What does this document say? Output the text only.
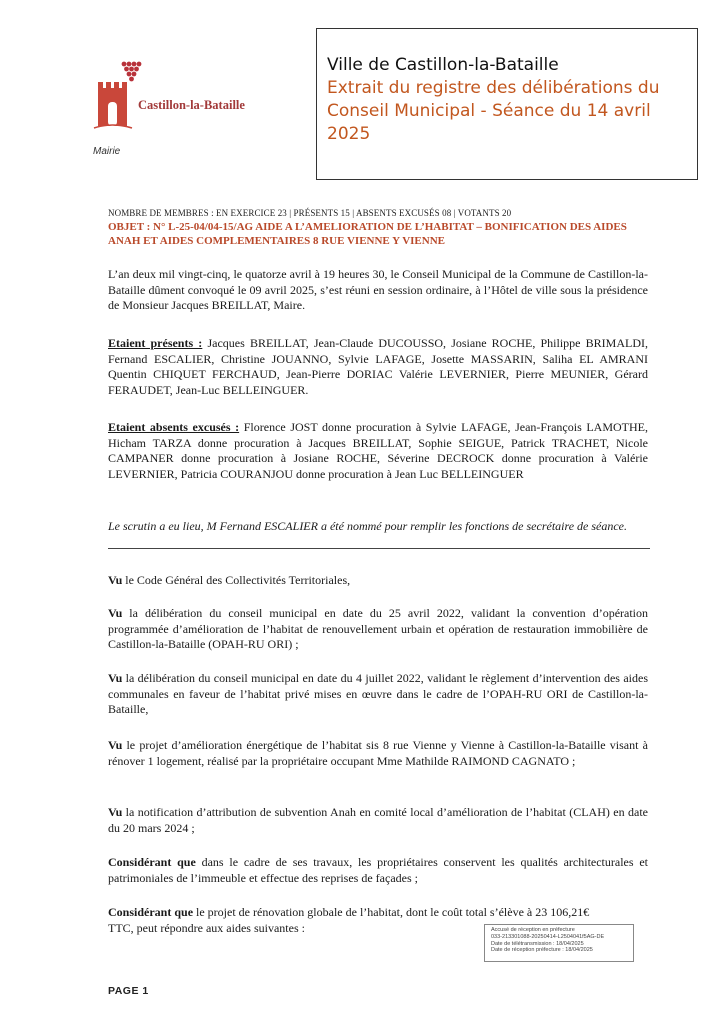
Castillon-la-Bataille
Mairie
Ville de Castillon-la-Bataille
Extrait du registre des délibérations du
Conseil Municipal - Séance du 14 avril
2025
NOMBRE DE MEMBRES : EN EXERCICE 23 | PRÉSENTS 15 | ABSENTS EXCUSÉS 08 | VOTANTS 20
OBJET : N° L-25-04/04-15/AG AIDE A L’AMELIORATION DE L’HABITAT – BONIFICATION DES AIDES ANAH ET AIDES COMPLEMENTAIRES 8 RUE VIENNE Y VIENNE
L’an deux mil vingt-cinq, le quatorze avril à 19 heures 30, le Conseil Municipal de la Commune de Castillon-la-Bataille dûment convoqué le 09 avril 2025, s’est réuni en session ordinaire, à l’Hôtel de ville sous la présidence de Monsieur Jacques BREILLAT, Maire.
Etaient présents : Jacques BREILLAT, Jean-Claude DUCOUSSO, Josiane ROCHE, Philippe BRIMALDI, Fernand ESCALIER, Christine JOUANNO, Sylvie LAFAGE, Josette MASSARIN, Saliha EL AMRANI Quentin CHIQUET FERCHAUD, Jean-Pierre DORIAC Valérie LEVERNIER, Pierre MEUNIER, Gérard FERAUDET, Jean-Luc BELLEINGUER.
Etaient absents excusés : Florence JOST donne procuration à Sylvie LAFAGE, Jean-François LAMOTHE, Hicham TARZA donne procuration à Jacques BREILLAT, Sophie SEIGUE, Patrick TRACHET, Nicole CAMPANER donne procuration à Josiane ROCHE, Séverine DECROCK donne procuration à Valérie LEVERNIER, Patricia COURANJOU donne procuration à Jean Luc BELLEINGUER
Le scrutin a eu lieu, M Fernand ESCALIER a été nommé pour remplir les fonctions de secrétaire de séance.
Vu le Code Général des Collectivités Territoriales,
Vu la délibération du conseil municipal en date du 25 avril 2022, validant la convention d’opération programmée d’amélioration de l’habitat de renouvellement urbain et opération de restauration immobilière de Castillon-la-Bataille (OPAH-RU ORI) ;
Vu la délibération du conseil municipal en date du 4 juillet 2022, validant le règlement d’intervention des aides communales en faveur de l’habitat privé mises en œuvre dans le cadre de l’OPAH-RU ORI de Castillon-la-Bataille,
Vu le projet d’amélioration énergétique de l’habitat sis 8 rue Vienne y Vienne à Castillon-la-Bataille visant à rénover 1 logement, réalisé par la propriétaire occupant Mme Mathilde RAIMOND CAGNATO ;
Vu la notification d’attribution de subvention Anah en comité local d’amélioration de l’habitat (CLAH) en date du 20 mars 2024 ;
Considérant que dans le cadre de ses travaux, les propriétaires conservent les qualités architecturales et patrimoniales de l’immeuble et effectue des reprises de façades ;
Considérant que le projet de rénovation globale de l’habitat, dont le coût total s’élève à 23 106,21€
TTC, peut répondre aux aides suivantes :	Accusé de réception en préfecture
033-213301088-20250414-L2504041f5AG-DE
Date de télétransmission : 18/04/2025
Date de réception préfecture : 18/04/2025
PAGE 1
